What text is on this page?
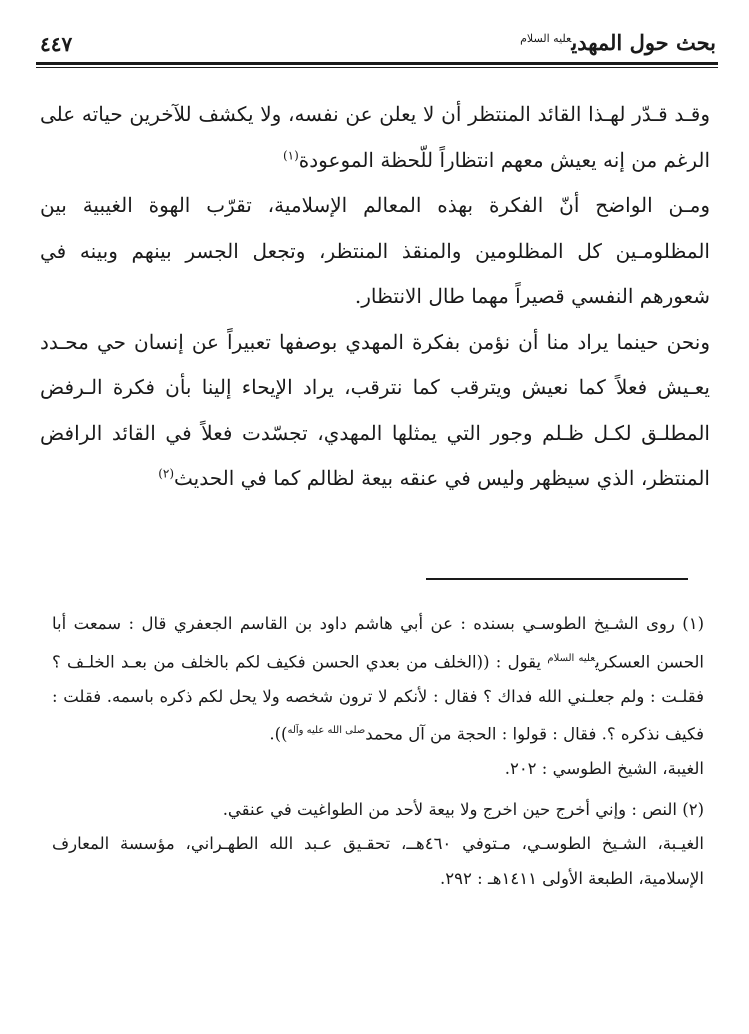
٤٤٧	بحث حول المهدي$^{عليه السلام}$

وقـد قـدّر لهـذا القائد المنتظر أن لا يعلن عن نفسه، ولا يكشف للآخرين حياته على الرغم من إنه يعيش معهم انتظاراً للّحظة الموعودة$^{(١)}$

ومـن الواضح أنّ الفكرة بهذه المعالم الإسلامية، تقرّب الهوة الغيبية بين المظلومـين كل المظلومين والمنقذ المنتظر، وتجعل الجسر بينهم وبينه في شعورهم النفسي قصيراً مهما طال الانتظار.

ونحن حينما يراد منا أن نؤمن بفكرة المهدي بوصفها تعبيراً عن إنسان حي محـدد يعـيش فعلاً كما نعيش ويترقب كما نترقب، يراد الإيحاء إلينا بأن فكرة الـرفض المطلـق لكـل ظـلم وجور التي يمثلها المهدي، تجسّدت فعلاً في القائد الرافض المنتظر، الذي سيظهر وليس في عنقه بيعة لظالم كما في الحديث$^{(٢)}$

(١) روى الشـيخ الطوسـي بسنده : عن أبي هاشم داود بن القاسم الجعفري قال : سمعت أبا الحسن العسكري$^{عليه السلام}$ يقول : ((الخلف من بعدي الحسن فكيف لكم بالخلف من بعـد الخلـف ؟ فقلـت : ولم جعلـني الله فداك ؟ فقال : لأنكم لا ترون شخصه ولا يحل لكم ذكره باسمه. فقلت : فكيف نذكره ؟. فقال : قولوا : الحجة من آل محمد$^{صلى الله عليه وآله}$)).

الغيبة، الشيخ الطوسي : ٢٠٢.

(٢) النص : وإني أخرج حين اخرج ولا بيعة لأحد من الطواغيت في عنقي.

الغيـبة، الشـيخ الطوسـي، مـتوفي ٤٦٠هــ، تحقـيق عـبد الله الطهـراني، مؤسسة المعارف الإسلامية، الطبعة الأولى ١٤١١هـ : ٢٩٢.
